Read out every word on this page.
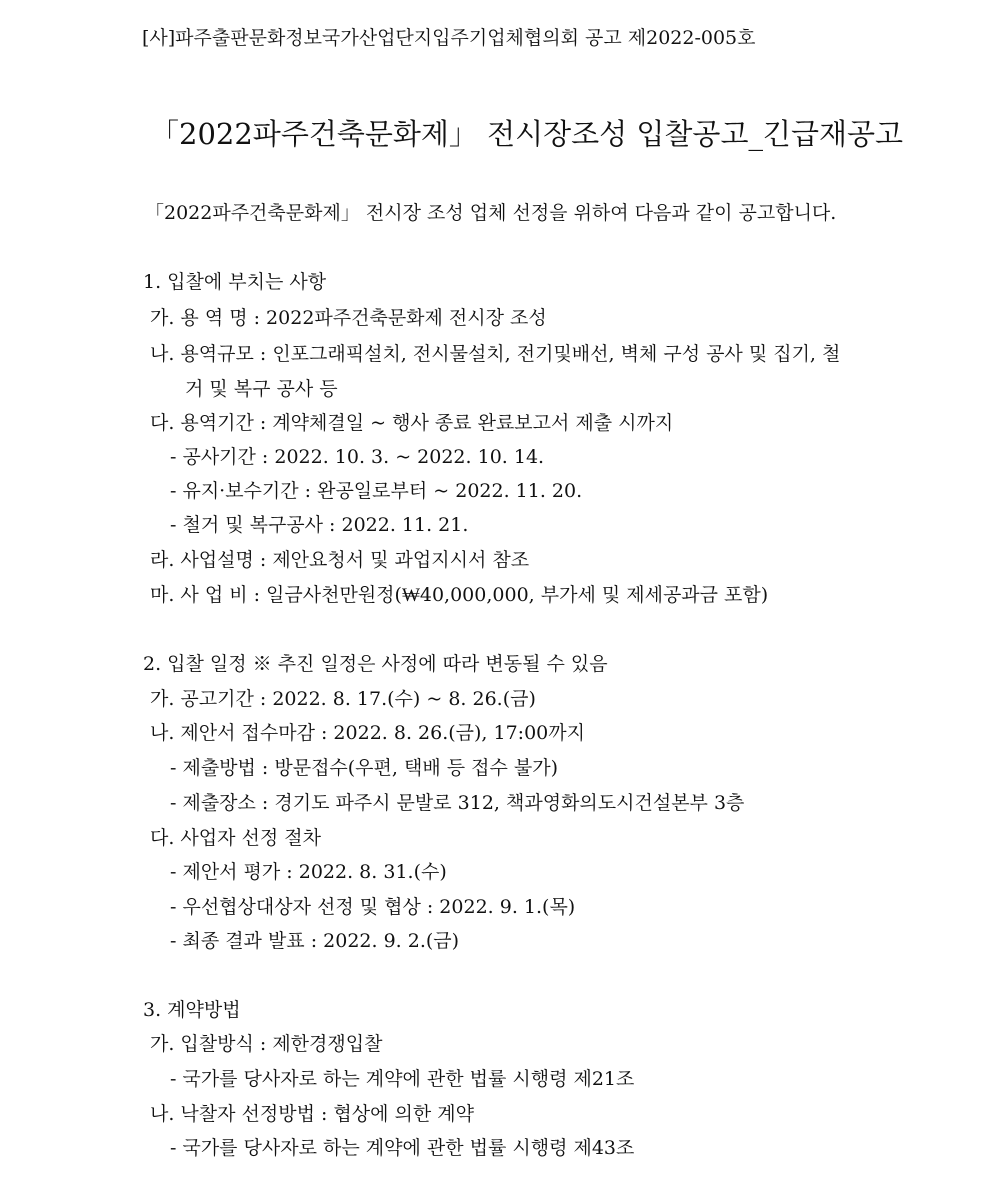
[사]파주출판문화정보국가산업단지입주기업체협의회 공고 제2022-005호
「2022파주건축문화제」 전시장조성 입찰공고_긴급재공고
「2022파주건축문화제」 전시장 조성 업체 선정을 위하여 다음과 같이 공고합니다.
1. 입찰에 부치는 사항
가. 용 역 명 : 2022파주건축문화제 전시장 조성
나. 용역규모 : 인포그래픽설치, 전시물설치, 전기및배선, 벽체 구성 공사 및 집기, 철
거 및 복구 공사 등
다. 용역기간 : 계약체결일 ~ 행사 종료 완료보고서 제출 시까지
- 공사기간 : 2022. 10. 3. ~ 2022. 10. 14.
- 유지·보수기간 : 완공일로부터 ~ 2022. 11. 20.
- 철거 및 복구공사 : 2022. 11. 21.
라. 사업설명 : 제안요청서 및 과업지시서 참조
마. 사 업 비 : 일금사천만원정(₩40,000,000, 부가세 및 제세공과금 포함)
2. 입찰 일정 ※ 추진 일정은 사정에 따라 변동될 수 있음
가. 공고기간 : 2022. 8. 17.(수) ~ 8. 26.(금)
나. 제안서 접수마감 : 2022. 8. 26.(금), 17:00까지
- 제출방법 : 방문접수(우편, 택배 등 접수 불가)
- 제출장소 : 경기도 파주시 문발로 312, 책과영화의도시건설본부 3층
다. 사업자 선정 절차
- 제안서 평가 : 2022. 8. 31.(수)
- 우선협상대상자 선정 및 협상 : 2022. 9. 1.(목)
- 최종 결과 발표 : 2022. 9. 2.(금)
3. 계약방법
가. 입찰방식 : 제한경쟁입찰
- 국가를 당사자로 하는 계약에 관한 법률 시행령 제21조
나. 낙찰자 선정방법 : 협상에 의한 계약
- 국가를 당사자로 하는 계약에 관한 법률 시행령 제43조
